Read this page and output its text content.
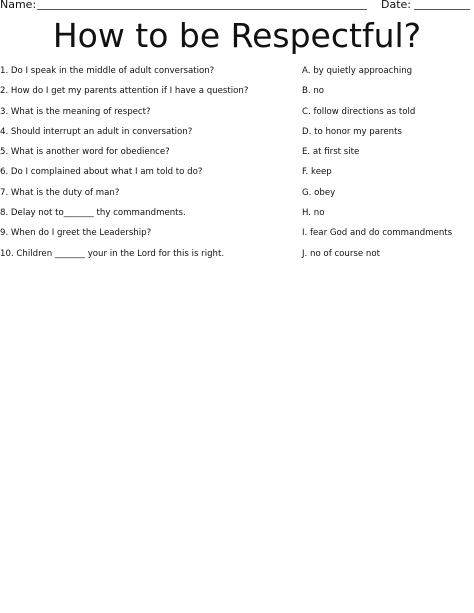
Name:	Date:
How to be Respectful?
1. Do I speak in the middle of adult conversation?
2. How do I get my parents attention if I have a question?
3. What is the meaning of respect?
4. Should interrupt an adult in conversation?
5. What is another word for obedience?
6. Do I complained about what I am told to do?
7. What is the duty of man?
8. Delay not to_______ thy commandments.
9. When do I greet the Leadership?
10. Children _______ your in the Lord for this is right.
A. by quietly approaching
B. no
C. follow directions as told
D. to honor my parents
E. at first site
F. keep
G. obey
H. no
I. fear God and do commandments
J. no of course not
